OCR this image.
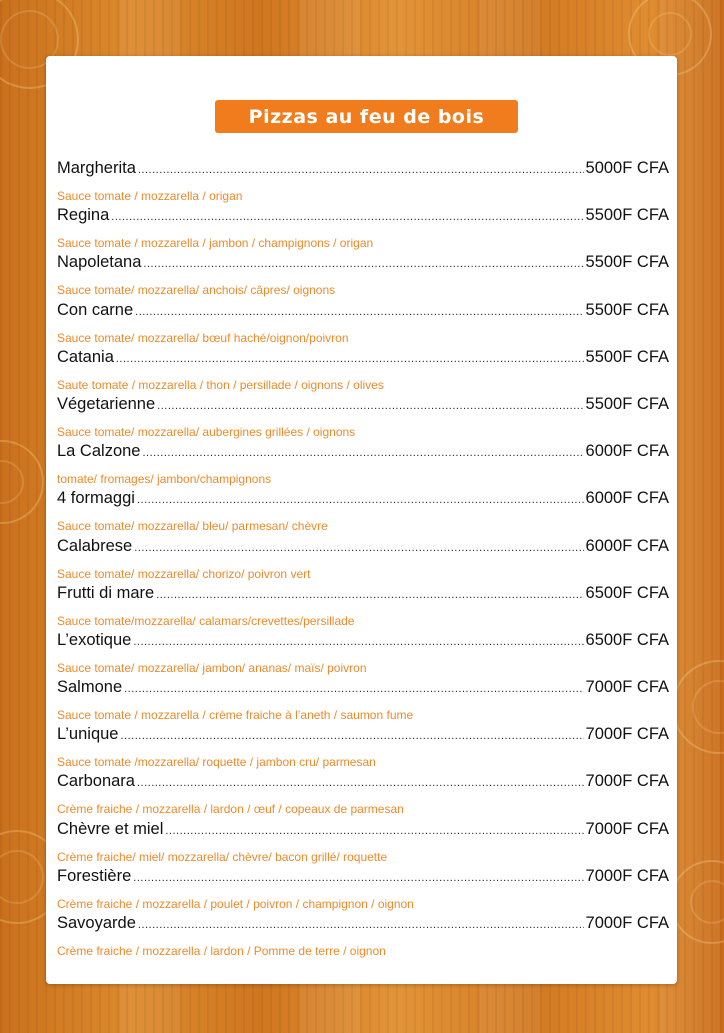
Pizzas au feu de bois
Margherita .....	5000F CFA
Sauce tomate / mozzarella / origan
Regina .....	5500F CFA
Sauce tomate / mozzarella / jambon / champignons / origan
Napoletana .....	5500F CFA
Sauce tomate/ mozzarella/ anchois/ câpres/ oignons
Con carne .....	5500F CFA
Sauce tomate/ mozzarella/ bœuf haché/oignon/poivron
Catania .....	5500F CFA
Saute tomate / mozzarella / thon / persillade / oignons / olives
Végetarienne .....	5500F CFA
Sauce tomate/ mozzarella/ aubergines grillées / oignons
La Calzone .....	6000F CFA
tomate/ fromages/ jambon/champignons
4 formaggi .....	6000F CFA
Sauce tomate/ mozzarella/ bleu/ parmesan/ chèvre
Calabrese .....	6000F CFA
Sauce tomate/ mozzarella/ chorizo/ poivron vert
Frutti di mare .....	6500F CFA
Sauce tomate/mozzarella/ calamars/crevettes/persillade
L’exotique .....	6500F CFA
Sauce tomate/ mozzarella/ jambon/ ananas/ maïs/ poivron
Salmone .....	7000F CFA
Sauce tomate / mozzarella / crème fraiche à l’aneth / saumon fume
L’unique .....	7000F CFA
Sauce tomate /mozzarella/ roquette / jambon cru/ parmesan
Carbonara .....	7000F CFA
Crème fraiche / mozzarella / lardon / œuf / copeaux de parmesan
Chèvre et miel .....	7000F CFA
Crème fraiche/ miel/ mozzarella/ chèvre/ bacon grillé/ roquette
Forestière .....	7000F CFA
Crème fraiche / mozzarella / poulet / poivron / champignon / oignon
Savoyarde .....	7000F CFA
Crème fraiche / mozzarella / lardon / Pomme de terre / oignon
